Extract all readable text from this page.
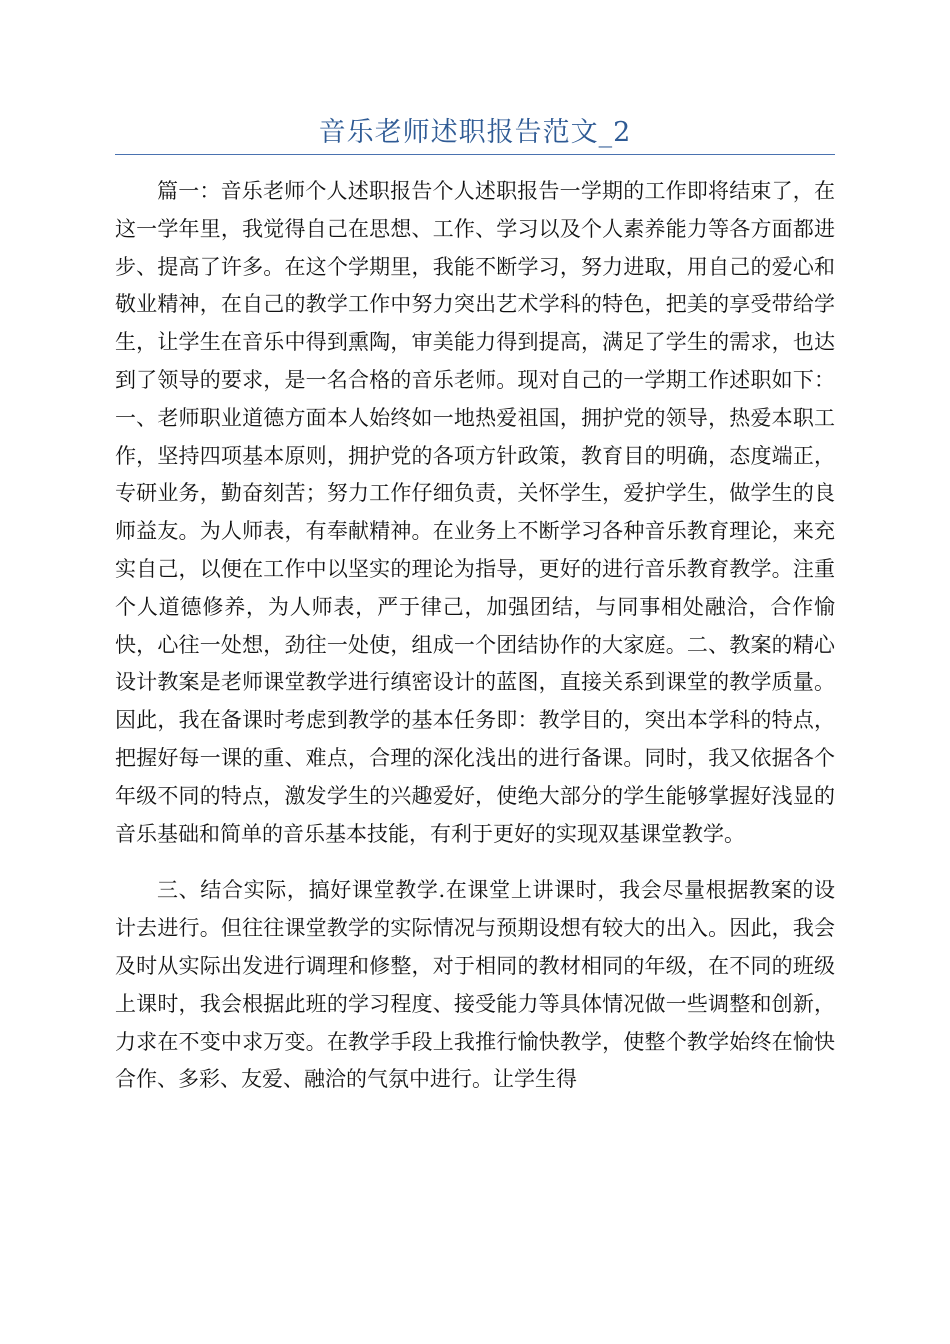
音乐老师述职报告范文_2

篇一：音乐老师个人述职报告个人述职报告一学期的工作即将结束了，在这一学年里，我觉得自己在思想、工作、学习以及个人素养能力等各方面都进步、提高了许多。在这个学期里，我能不断学习，努力进取，用自己的爱心和敬业精神，在自己的教学工作中努力突出艺术学科的特色，把美的享受带给学生，让学生在音乐中得到熏陶，审美能力得到提高，满足了学生的需求，也达到了领导的要求，是一名合格的音乐老师。现对自己的一学期工作述职如下：一、老师职业道德方面本人始终如一地热爱祖国，拥护党的领导，热爱本职工作，坚持四项基本原则，拥护党的各项方针政策，教育目的明确，态度端正，专研业务，勤奋刻苦；努力工作仔细负责，关怀学生，爱护学生，做学生的良师益友。为人师表，有奉献精神。在业务上不断学习各种音乐教育理论，来充实自己，以便在工作中以坚实的理论为指导，更好的进行音乐教育教学。注重个人道德修养，为人师表，严于律己，加强团结，与同事相处融洽，合作愉快，心往一处想，劲往一处使，组成一个团结协作的大家庭。二、教案的精心设计教案是老师课堂教学进行缜密设计的蓝图，直接关系到课堂的教学质量。因此，我在备课时考虑到教学的基本任务即：教学目的，突出本学科的特点，把握好每一课的重、难点，合理的深化浅出的进行备课。同时，我又依据各个年级不同的特点，激发学生的兴趣爱好，使绝大部分的学生能够掌握好浅显的音乐基础和简单的音乐基本技能，有利于更好的实现双基课堂教学。

三、结合实际，搞好课堂教学.在课堂上讲课时，我会尽量根据教案的设计去进行。但往往课堂教学的实际情况与预期设想有较大的出入。因此，我会及时从实际出发进行调理和修整，对于相同的教材相同的年级，在不同的班级上课时，我会根据此班的学习程度、接受能力等具体情况做一些调整和创新，力求在不变中求万变。在教学手段上我推行愉快教学，使整个教学始终在愉快合作、多彩、友爱、融洽的气氛中进行。让学生得
